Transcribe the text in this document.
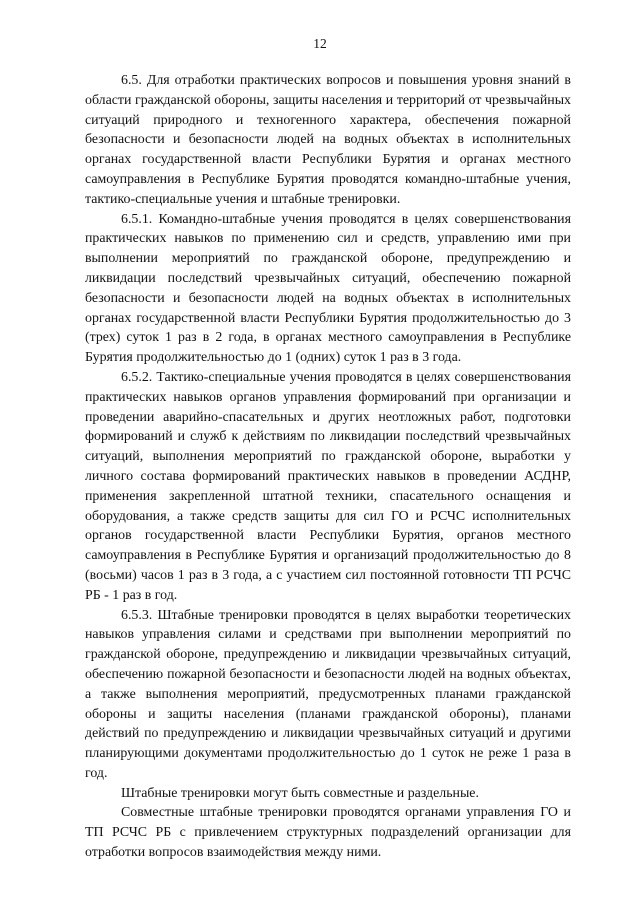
12

6.5. Для отработки практических вопросов и повышения уровня знаний в области гражданской обороны, защиты населения и территорий от чрезвычайных ситуаций природного и техногенного характера, обеспечения пожарной безопасности и безопасности людей на водных объектах в исполнительных органах государственной власти Республики Бурятия и органах местного самоуправления в Республике Бурятия проводятся командно-штабные учения, тактико-специальные учения и штабные тренировки.

6.5.1. Командно-штабные учения проводятся в целях совершенствования практических навыков по применению сил и средств, управлению ими при выполнении мероприятий по гражданской обороне, предупреждению и ликвидации последствий чрезвычайных ситуаций, обеспечению пожарной безопасности и безопасности людей на водных объектах в исполнительных органах государственной власти Республики Бурятия продолжительностью до 3 (трех) суток 1 раз в 2 года, в органах местного самоуправления в Республике Бурятия продолжительностью до 1 (одних) суток 1 раз в 3 года.

6.5.2. Тактико-специальные учения проводятся в целях совершенствования практических навыков органов управления формирований при организации и проведении аварийно-спасательных и других неотложных работ, подготовки формирований и служб к действиям по ликвидации последствий чрезвычайных ситуаций, выполнения мероприятий по гражданской обороне, выработки у личного состава формирований практических навыков в проведении АСДНР, применения закрепленной штатной техники, спасательного оснащения и оборудования, а также средств защиты для сил ГО и РСЧС исполнительных органов государственной власти Республики Бурятия, органов местного самоуправления в Республике Бурятия и организаций продолжительностью до 8 (восьми) часов 1 раз в 3 года, а с участием сил постоянной готовности ТП РСЧС РБ - 1 раз в год.

6.5.3. Штабные тренировки проводятся в целях выработки теоретических навыков управления силами и средствами при выполнении мероприятий по гражданской обороне, предупреждению и ликвидации чрезвычайных ситуаций, обеспечению пожарной безопасности и безопасности людей на водных объектах, а также выполнения мероприятий, предусмотренных планами гражданской обороны и защиты населения (планами гражданской обороны), планами действий по предупреждению и ликвидации чрезвычайных ситуаций и другими планирующими документами продолжительностью до 1 суток не реже 1 раза в год.

Штабные тренировки могут быть совместные и раздельные.

Совместные штабные тренировки проводятся органами управления ГО и ТП РСЧС РБ с привлечением структурных подразделений организации для отработки вопросов взаимодействия между ними.
